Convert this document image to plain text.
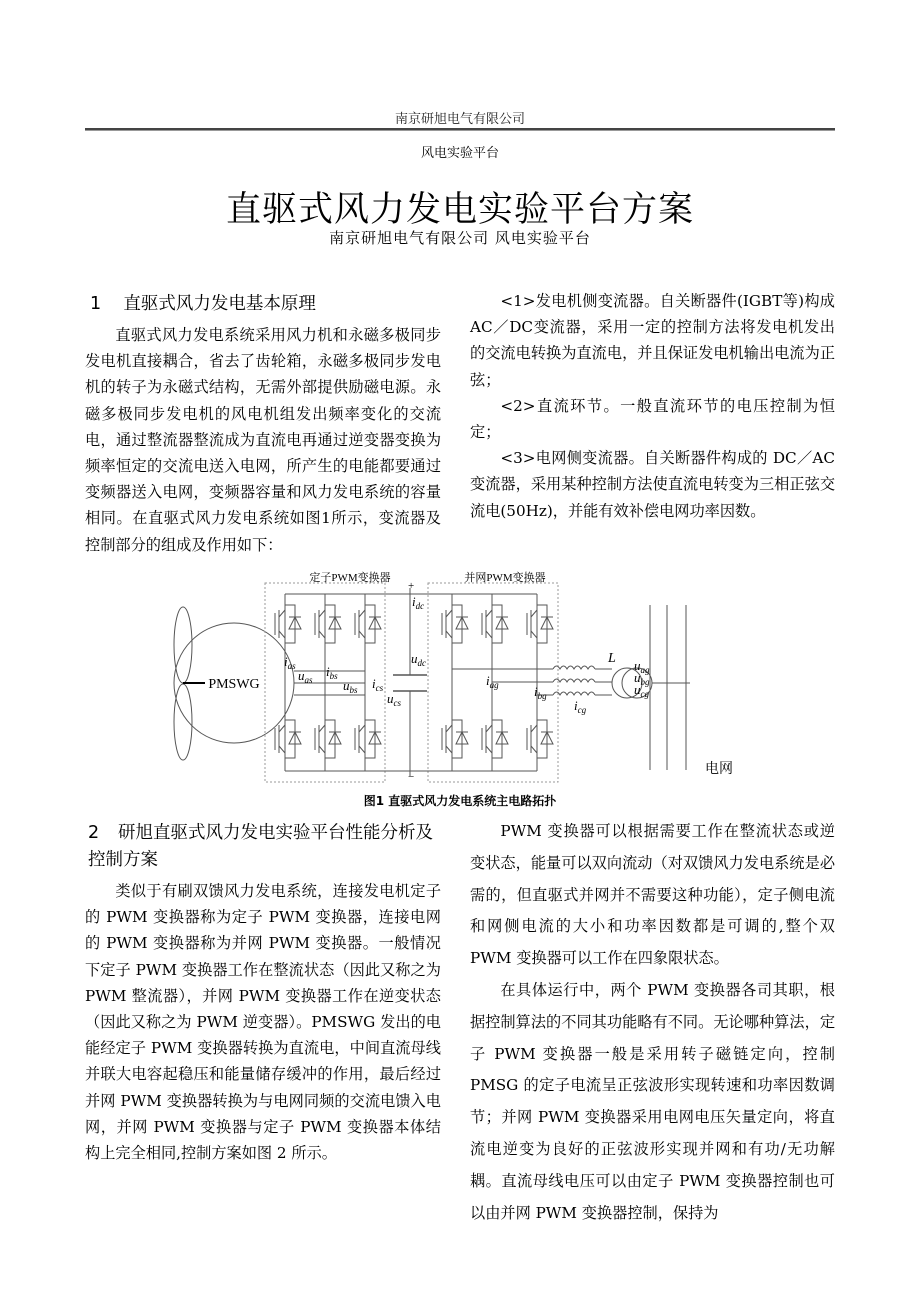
南京研旭电气有限公司
风电实验平台
直驱式风力发电实验平台方案
南京研旭电气有限公司 风电实验平台
1 直驱式风力发电基本原理

直驱式风力发电系统采用风力机和永磁多极同步发电机直接耦合，省去了齿轮箱，永磁多极同步发电机的转子为永磁式结构，无需外部提供励磁电源。永磁多极同步发电机的风电机组发出频率变化的交流电，通过整流器整流成为直流电再通过逆变器变换为频率恒定的交流电送入电网，所产生的电能都要通过变频器送入电网，变频器容量和风力发电系统的容量相同。在直驱式风力发电系统如图1所示，变流器及控制部分的组成及作用如下：

<1>发电机侧变流器。自关断器件(IGBT等)构成AC／DC变流器，采用一定的控制方法将发电机发出的交流电转换为直流电，并且保证发电机输出电流为正弦；

<2>直流环节。一般直流环节的电压控制为恒定；

<3>电网侧变流器。自关断器件构成的 DC／AC 变流器，采用某种控制方法使直流电转变为三相正弦交流电(50Hz)，并能有效补偿电网功率因数。

定子PWM变换器	并网PWM变换器
PMSWG
电网
L
+
−
$i_{dc}$
$u_{dc}$
$i_{as}$
$u_{as}$
$i_{bs}$
$u_{bs}$ $i_{cs}$
$u_{cs}$
$i_{ag}$	$i_{bg}$
$i_{cg}$
$u_{ag}$
$u_{bg}$
$u_{cg}$
图1 直驱式风力发电系统主电路拓扑
2 研旭直驱式风力发电实验平台性能分析及控制方案

类似于有刷双馈风力发电系统，连接发电机定子的 PWM 变换器称为定子 PWM 变换器，连接电网的 PWM 变换器称为并网 PWM 变换器。一般情况下定子 PWM 变换器工作在整流状态（因此又称之为 PWM 整流器），并网 PWM 变换器工作在逆变状态（因此又称之为 PWM 逆变器）。PMSWG 发出的电能经定子 PWM 变换器转换为直流电，中间直流母线并联大电容起稳压和能量储存缓冲的作用，最后经过并网 PWM 变换器转换为与电网同频的交流电馈入电网，并网 PWM 变换器与定子 PWM 变换器本体结构上完全相同,控制方案如图 2 所示。

PWM 变换器可以根据需要工作在整流状态或逆变状态，能量可以双向流动（对双馈风力发电系统是必需的，但直驱式并网并不需要这种功能），定子侧电流和网侧电流的大小和功率因数都是可调的,整个双 PWM 变换器可以工作在四象限状态。

在具体运行中，两个 PWM 变换器各司其职，根据控制算法的不同其功能略有不同。无论哪种算法，定子 PWM 变换器一般是采用转子磁链定向，控制 PMSG 的定子电流呈正弦波形实现转速和功率因数调节；并网 PWM 变换器采用电网电压矢量定向，将直流电逆变为良好的正弦波形实现并网和有功/无功解耦。直流母线电压可以由定子 PWM 变换器控制也可以由并网 PWM 变换器控制，保持为
